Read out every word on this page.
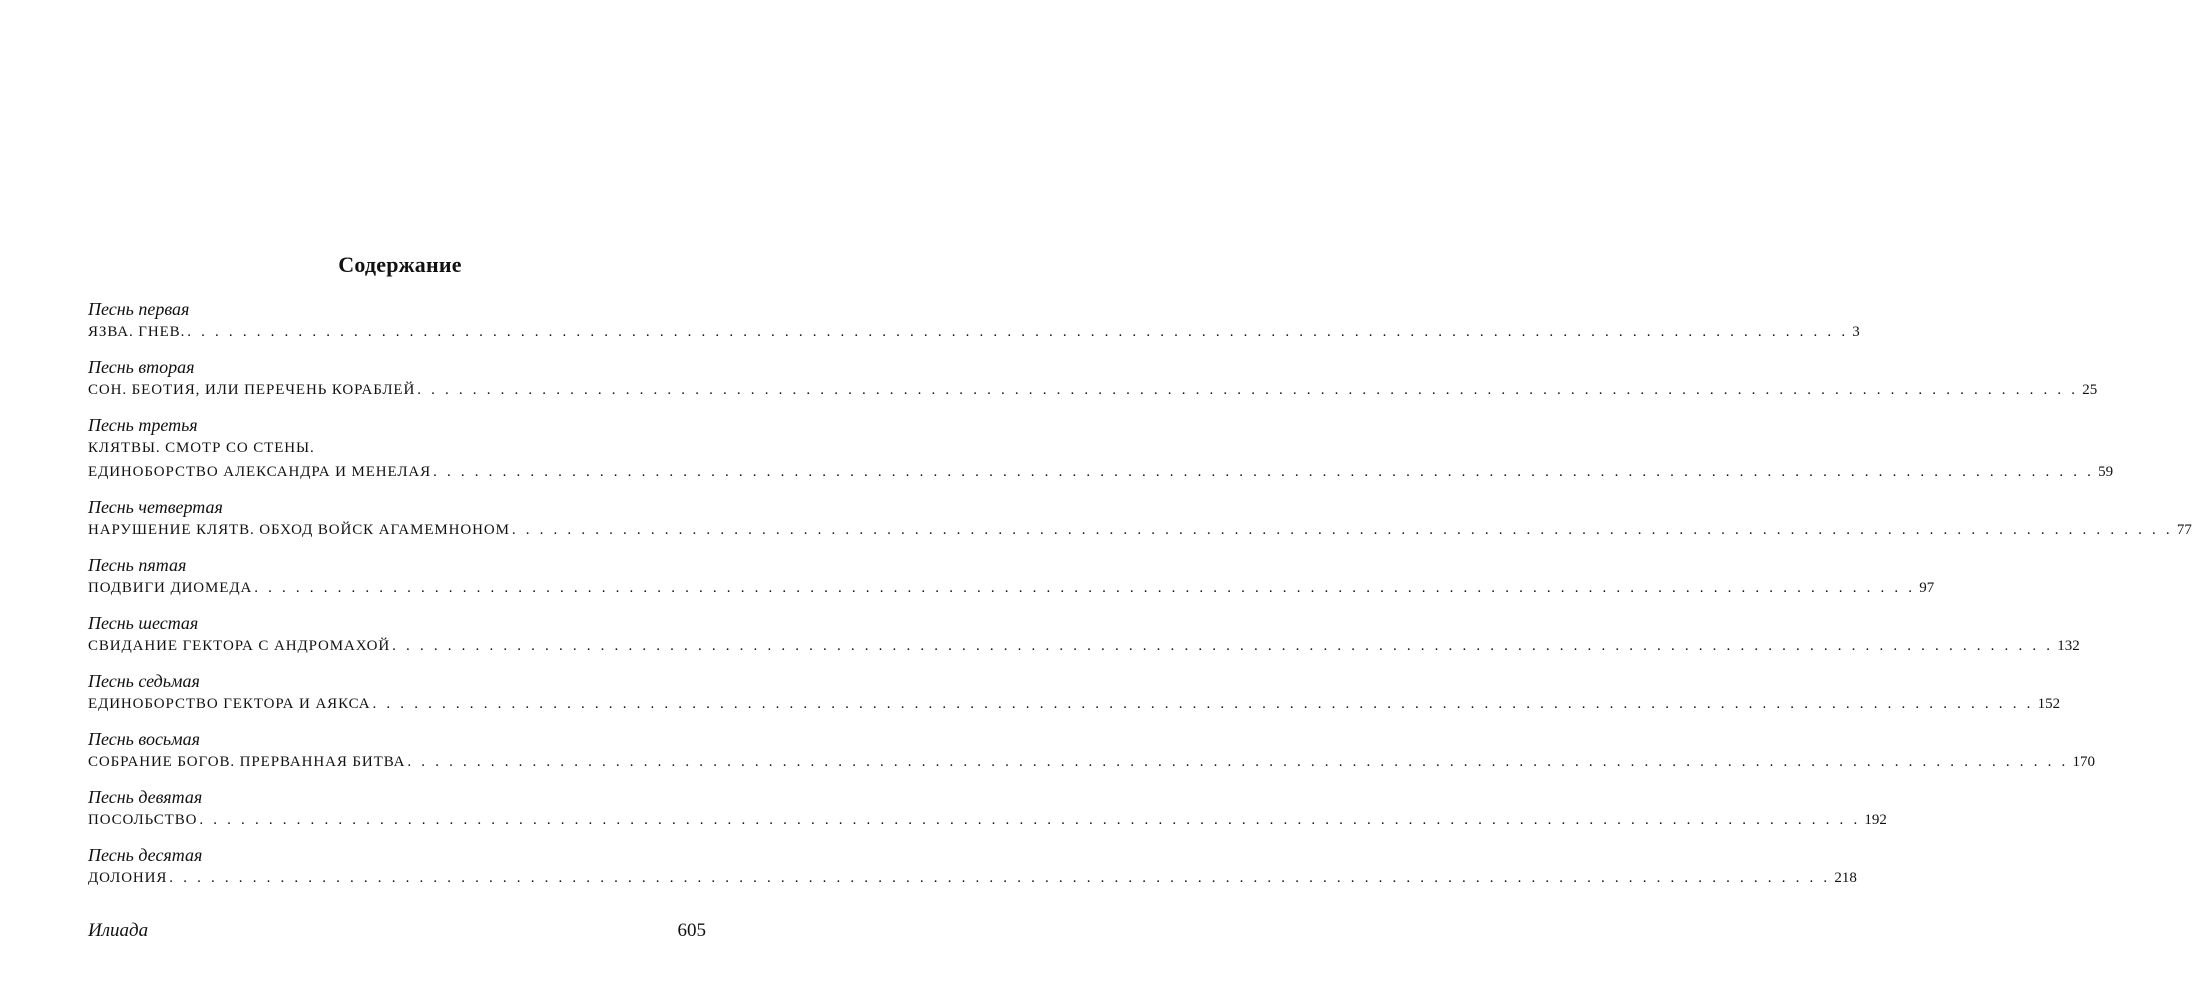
Содержание
Песнь первая
ЯЗВА. ГНЕВ. . . . . . . . . . . . . . . . . . . . . . . . . . . . . . . . . . . . . . . . . . . . . . . . . . . . . . . . . . . . . . . . . . . . . . . . . . . . . . . . . . . . . . . . . . . . . . . . . . . . . . . . . . . . . . . . . . . . . . . . . 3
Песнь вторая
СОН. БЕОТИЯ, ИЛИ ПЕРЕЧЕНЬ КОРАБЛЕЙ . . . . . . . . . . . . . . . . . . . . . . . . . . . . . . . . . . . . . . . . . . . . . . . . . . . . . . . . . . . . . . . . . . . . . . . . . . . . . . . . . . . . . . . . . . . . . . . . . . . . . . . . . . . . . . . . . . . . . . . . 25
Песнь третья
КЛЯТВЫ. СМОТР СО СТЕНЫ.
ЕДИНОБОРСТВО АЛЕКСАНДРА И МЕНЕЛАЯ . . . . . . . . . . . . . . . . . . . . . . . . . . . . . . . . . . . . . . . . . . . . . . . . . . . . . . . . . . . . . . . . . . . . . . . . . . . . . . . . . . . . . . . . . . . . . . . . . . . . . . . . . . . . . . . . . . . . . . . . 59
Песнь четвертая
НАРУШЕНИЕ КЛЯТВ. ОБХОД ВОЙСК АГАМЕМНОНОМ . . . . . . . . . . . . . . . . . . . . . . . . . . . . . . . . . . . . . . . . . . . . . . . . . . . . . . . . . . . . . . . . . . . . . . . . . . . . . . . . . . . . . . . . . . . . . . . . . . . . . . . . . . . . . . . . . . . . . . . . 77
Песнь пятая
ПОДВИГИ ДИОМЕДА . . . . . . . . . . . . . . . . . . . . . . . . . . . . . . . . . . . . . . . . . . . . . . . . . . . . . . . . . . . . . . . . . . . . . . . . . . . . . . . . . . . . . . . . . . . . . . . . . . . . . . . . . . . . . . . . . . . . . . . . 97
Песнь шестая
СВИДАНИЕ ГЕКТОРА С АНДРОМАХОЙ . . . . . . . . . . . . . . . . . . . . . . . . . . . . . . . . . . . . . . . . . . . . . . . . . . . . . . . . . . . . . . . . . . . . . . . . . . . . . . . . . . . . . . . . . . . . . . . . . . . . . . . . . . . . . . . . . . . . . . . . 132
Песнь седьмая
ЕДИНОБОРСТВО ГЕКТОРА И АЯКСА . . . . . . . . . . . . . . . . . . . . . . . . . . . . . . . . . . . . . . . . . . . . . . . . . . . . . . . . . . . . . . . . . . . . . . . . . . . . . . . . . . . . . . . . . . . . . . . . . . . . . . . . . . . . . . . . . . . . . . . . 152
Песнь восьмая
СОБРАНИЕ БОГОВ. ПРЕРВАННАЯ БИТВА . . . . . . . . . . . . . . . . . . . . . . . . . . . . . . . . . . . . . . . . . . . . . . . . . . . . . . . . . . . . . . . . . . . . . . . . . . . . . . . . . . . . . . . . . . . . . . . . . . . . . . . . . . . . . . . . . . . . . . . . 170
Песнь девятая
ПОСОЛЬСТВО . . . . . . . . . . . . . . . . . . . . . . . . . . . . . . . . . . . . . . . . . . . . . . . . . . . . . . . . . . . . . . . . . . . . . . . . . . . . . . . . . . . . . . . . . . . . . . . . . . . . . . . . . . . . . . . . . . . . . . . . 192
Песнь десятая
ДОЛОНИЯ . . . . . . . . . . . . . . . . . . . . . . . . . . . . . . . . . . . . . . . . . . . . . . . . . . . . . . . . . . . . . . . . . . . . . . . . . . . . . . . . . . . . . . . . . . . . . . . . . . . . . . . . . . . . . . . . . . . . . . . . 218
Илиада	605
